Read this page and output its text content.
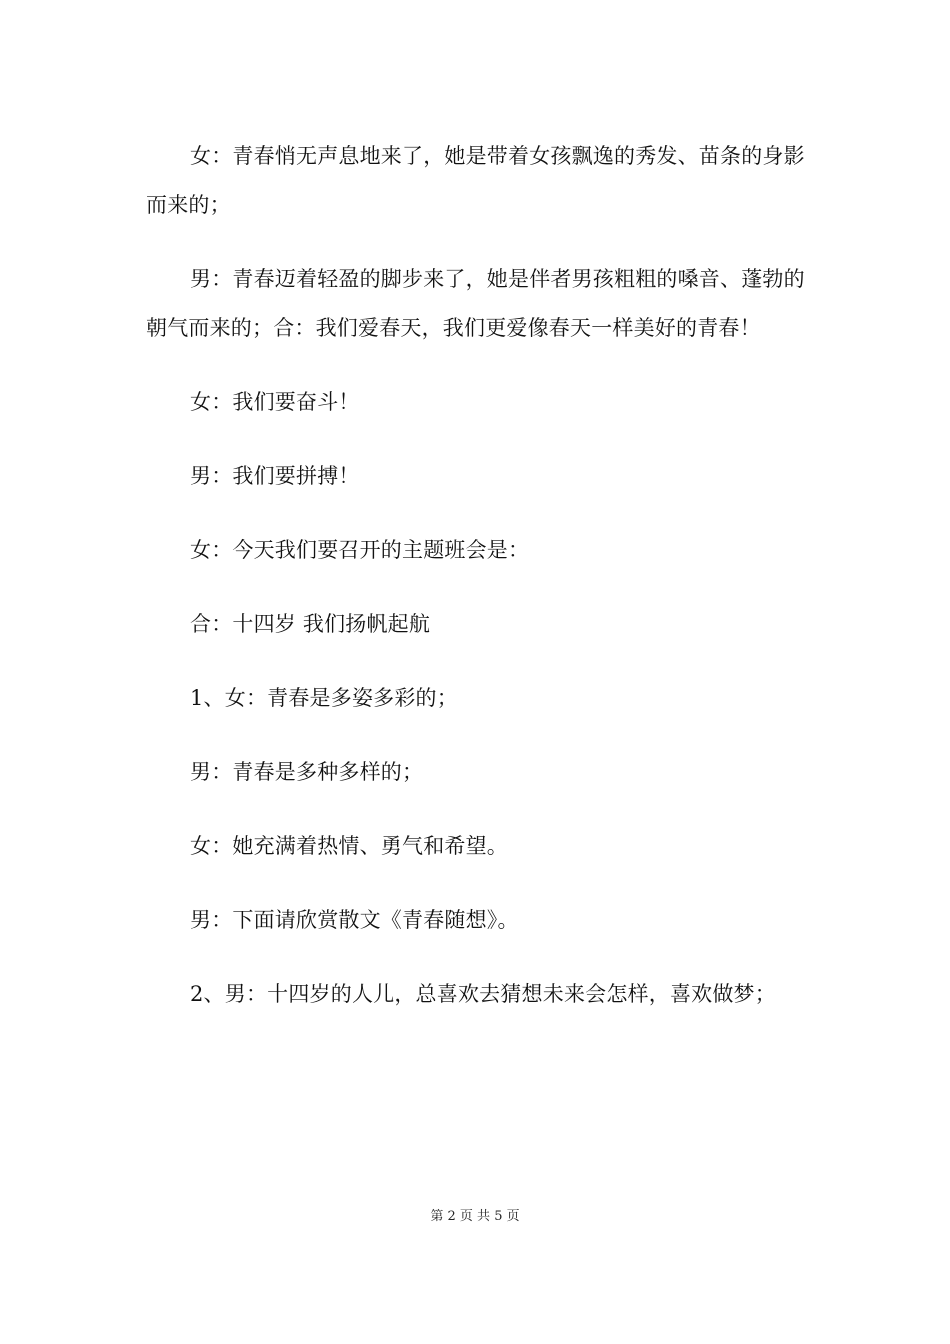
女：青春悄无声息地来了，她是带着女孩飘逸的秀发、苗条的身影而来的；

男：青春迈着轻盈的脚步来了，她是伴者男孩粗粗的嗓音、蓬勃的朝气而来的；合：我们爱春天，我们更爱像春天一样美好的青春！

女：我们要奋斗！

男：我们要拼搏！

女：今天我们要召开的主题班会是：

合：十四岁 我们扬帆起航

1、女：青春是多姿多彩的；

男：青春是多种多样的；

女：她充满着热情、勇气和希望。

男：下面请欣赏散文《青春随想》。

2、男：十四岁的人儿，总喜欢去猜想未来会怎样，喜欢做梦；

第 2 页 共 5 页
